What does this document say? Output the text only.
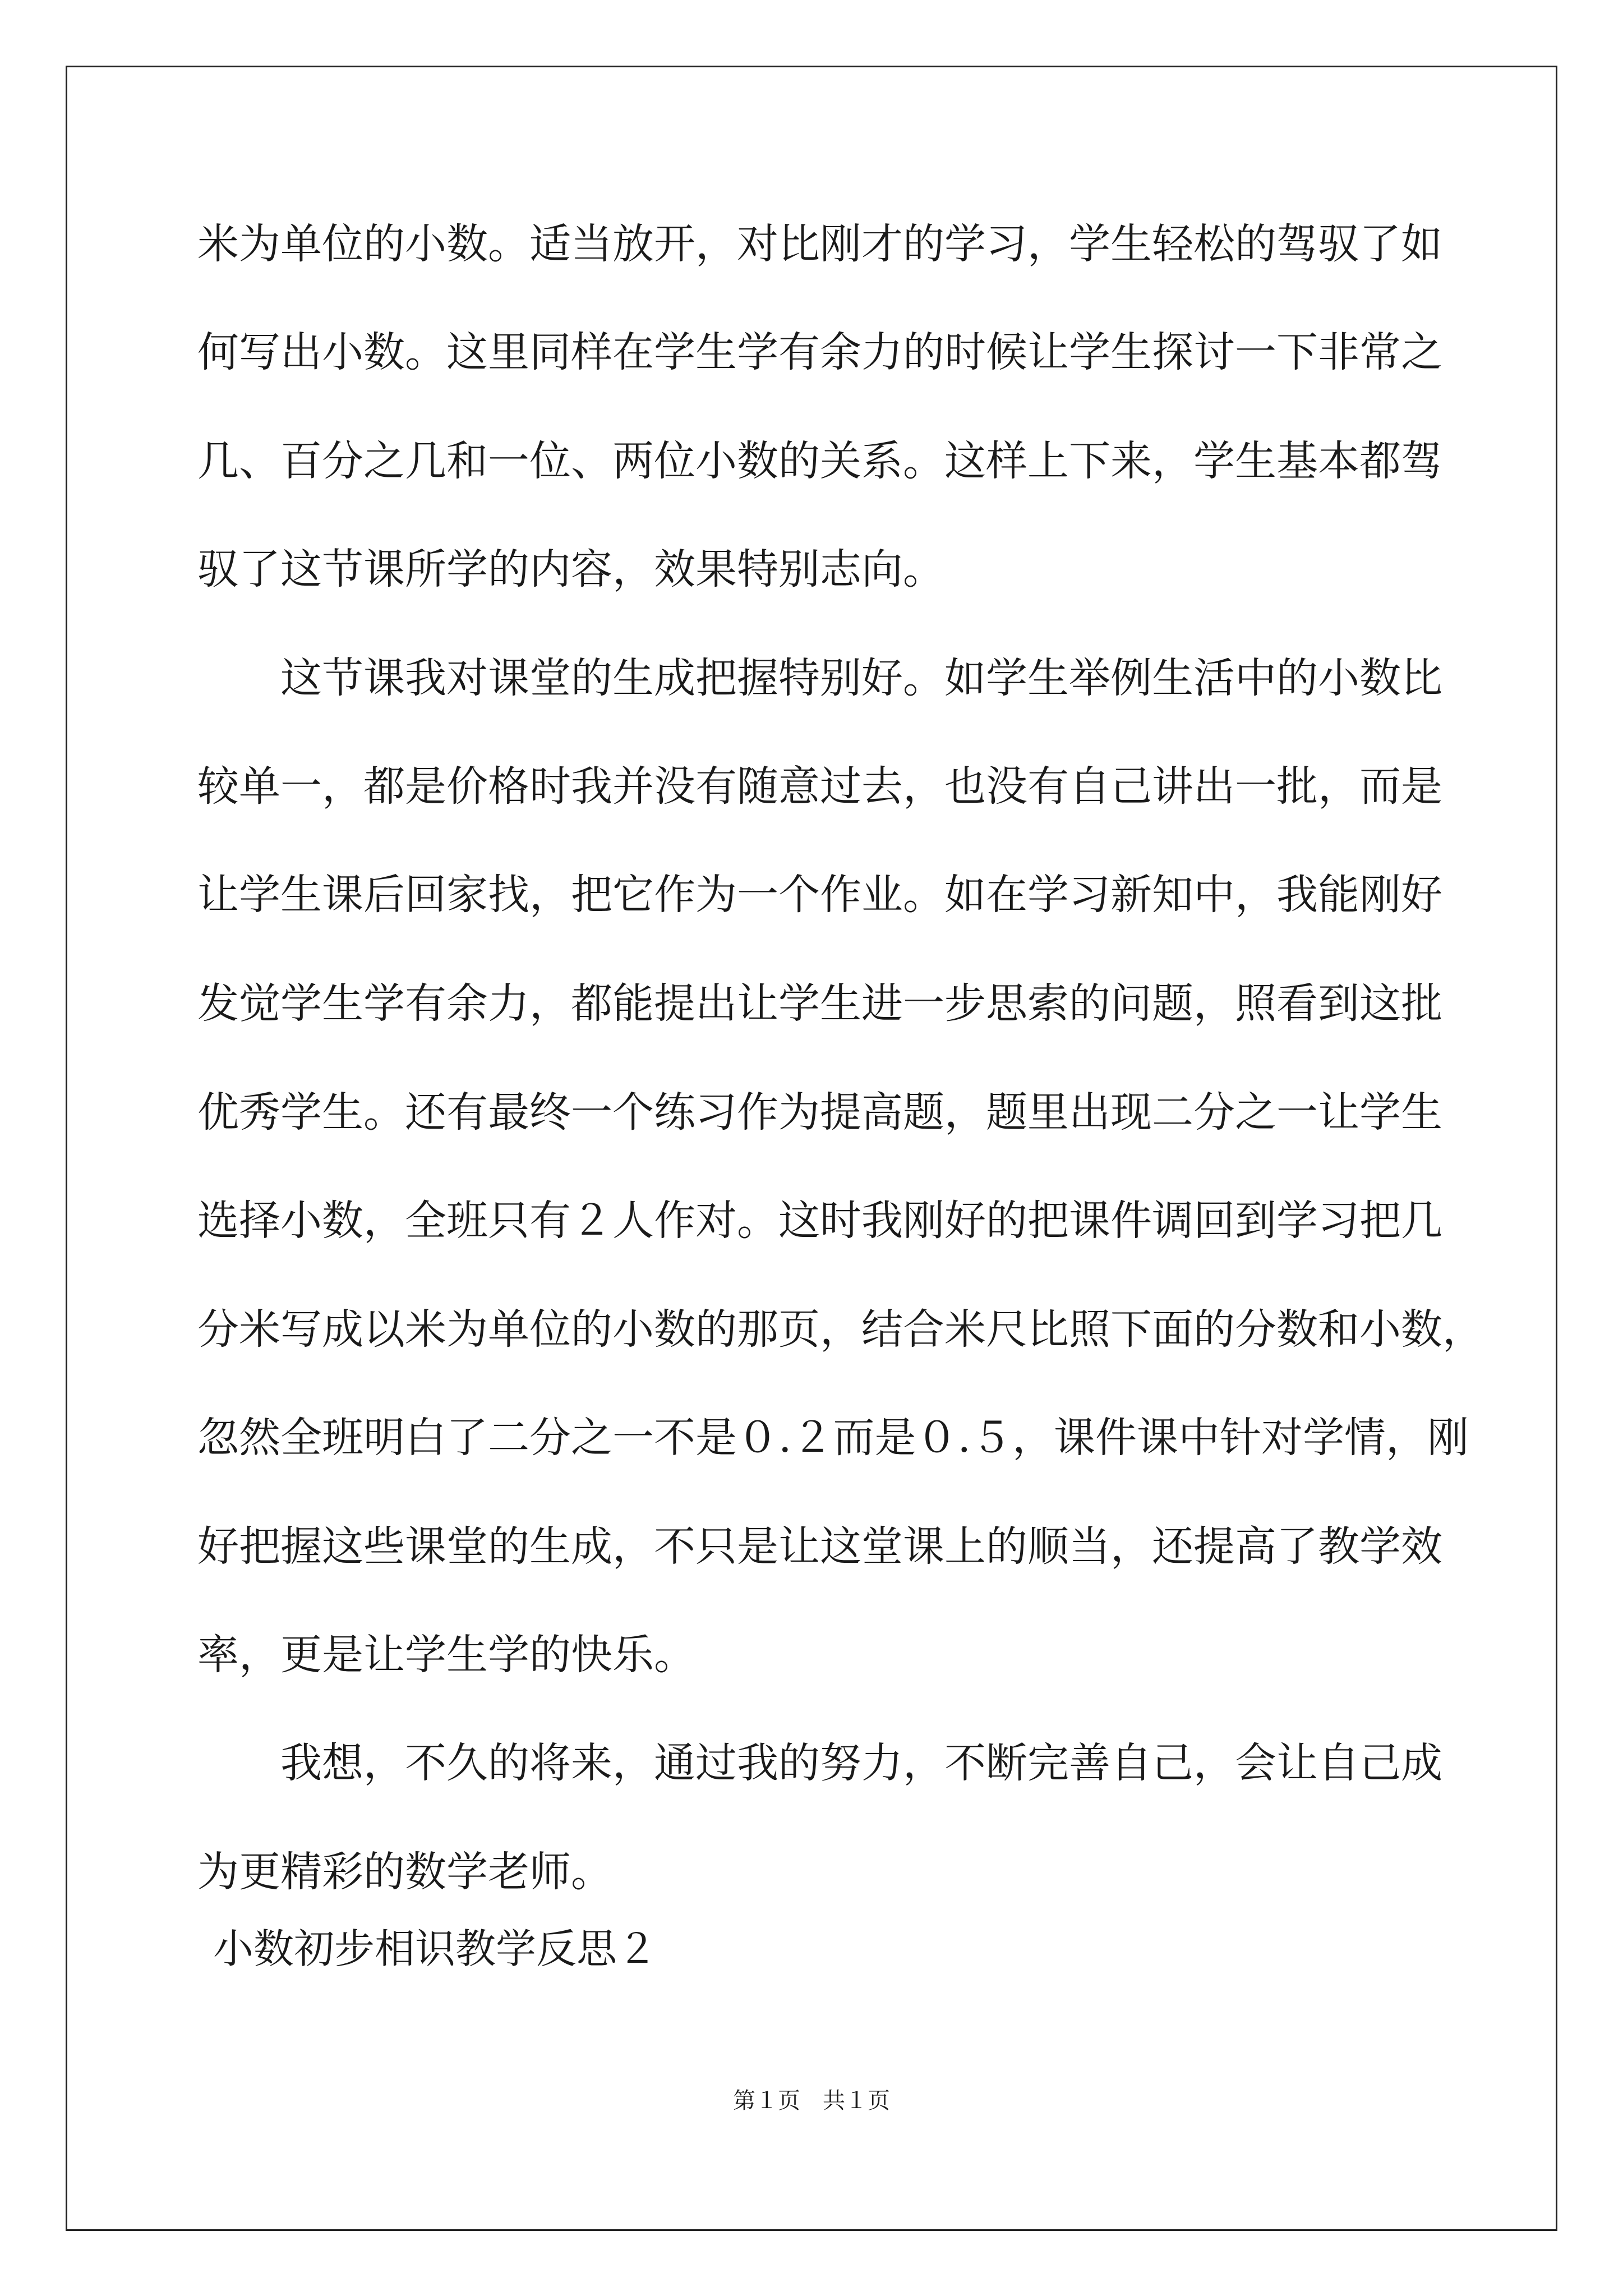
米为单位的小数。适当放开，对比刚才的学习，学生轻松的驾驭了如
何写出小数。这里同样在学生学有余力的时候让学生探讨一下非常之
几、百分之几和一位、两位小数的关系。这样上下来，学生基本都驾
驭了这节课所学的内容，效果特别志向。
　　这节课我对课堂的生成把握特别好。如学生举例生活中的小数比
较单一，都是价格时我并没有随意过去，也没有自己讲出一批，而是
让学生课后回家找，把它作为一个作业。如在学习新知中，我能刚好
发觉学生学有余力，都能提出让学生进一步思索的问题，照看到这批
优秀学生。还有最终一个练习作为提高题，题里出现二分之一让学生
选择小数，全班只有２人作对。这时我刚好的把课件调回到学习把几
分米写成以米为单位的小数的那页，结合米尺比照下面的分数和小数，
忽然全班明白了二分之一不是０.２而是０.５，课件课中针对学情，刚
好把握这些课堂的生成，不只是让这堂课上的顺当，还提高了教学效
率，更是让学生学的快乐。
　　我想，不久的将来，通过我的努力，不断完善自己，会让自己成
为更精彩的数学老师。
小数初步相识教学反思２
第１页　共１页
